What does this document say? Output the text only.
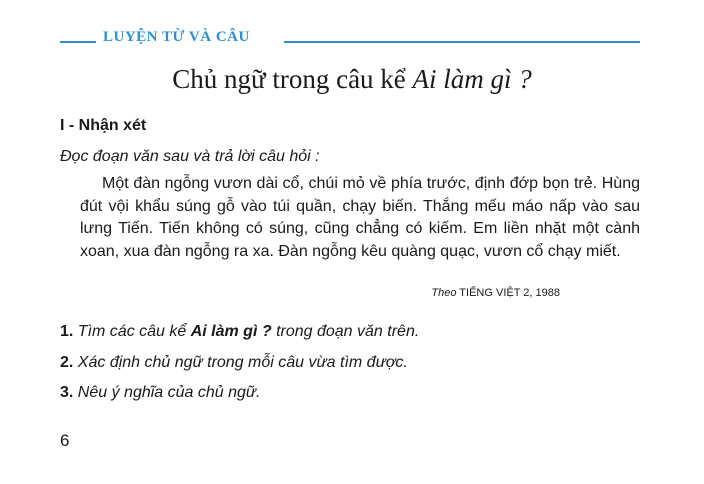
LUYỆN TỪ VÀ CÂU
Chủ ngữ trong câu kể Ai làm gì ?
I - Nhận xét
Đọc đoạn văn sau và trả lời câu hỏi :

Một đàn ngỗng vươn dài cổ, chúi mỏ về phía trước, định đớp bọn trẻ. Hùng đút vội khẩu súng gỗ vào túi quần, chạy biến. Thắng mếu máo nấp vào sau lưng Tiến. Tiến không có súng, cũng chẳng có kiếm. Em liền nhặt một cành xoan, xua đàn ngỗng ra xa. Đàn ngỗng kêu quàng quạc, vươn cổ chạy miết.

Theo TIẾNG VIỆT 2, 1988
1. Tìm các câu kể Ai làm gì ? trong đoạn văn trên.
2. Xác định chủ ngữ trong mỗi câu vừa tìm được.
3. Nêu ý nghĩa của chủ ngữ.
6
